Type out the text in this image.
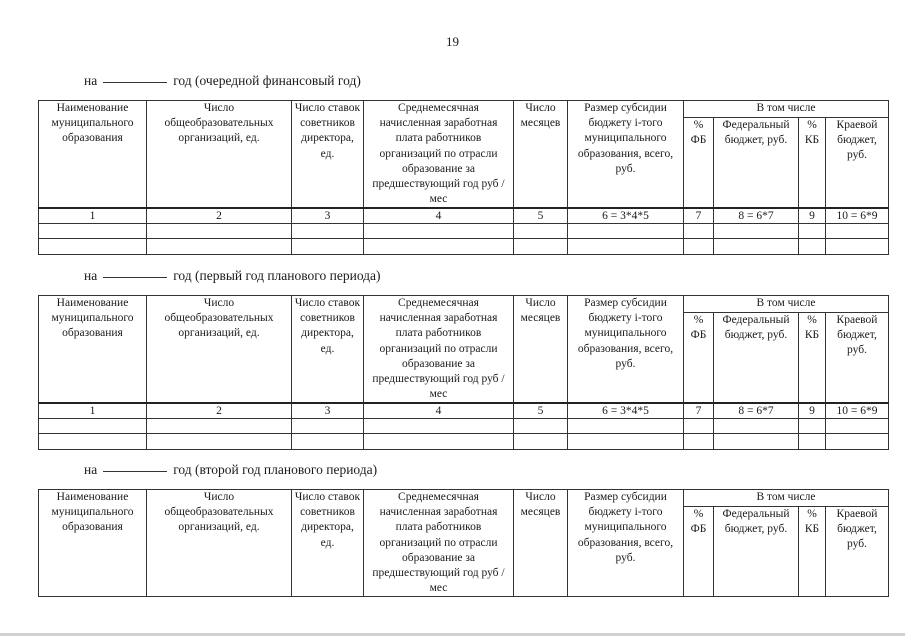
19
на	год (очередной финансовый год)
Наименование муниципального образования	Число общеобразовательных организаций, ед.	Число ставок советников директора, ед.	Среднемесячная начисленная заработная плата работников организаций по отрасли образование за предшествующий год руб / мес	Число месяцев	Размер субсидии бюджету i-того муниципального образования, всего, руб.	В том числе			
						% ФБ	Федеральный бюджет, руб.	% КБ	Краевой бюджет, руб.
1	2	3	4	5	6 = 3*4*5	7	8 = 6*7	9	10 = 6*9

на	год (первый год планового периода)
Наименование муниципального образования	Число общеобразовательных организаций, ед.	Число ставок советников директора, ед.	Среднемесячная начисленная заработная плата работников организаций по отрасли образование за предшествующий год руб / мес	Число месяцев	Размер субсидии бюджету i-того муниципального образования, всего, руб.	В том числе			
						% ФБ	Федеральный бюджет, руб.	% КБ	Краевой бюджет, руб.
1	2	3	4	5	6 = 3*4*5	7	8 = 6*7	9	10 = 6*9

на	год (второй год планового периода)
Наименование муниципального образования	Число общеобразовательных организаций, ед.	Число ставок советников директора, ед.	Среднемесячная начисленная заработная плата работников организаций по отрасли образование за предшествующий год руб / мес	Число месяцев	Размер субсидии бюджету i-того муниципального образования, всего, руб.	В том числе			
						% ФБ	Федеральный бюджет, руб.	% КБ	Краевой бюджет, руб.
